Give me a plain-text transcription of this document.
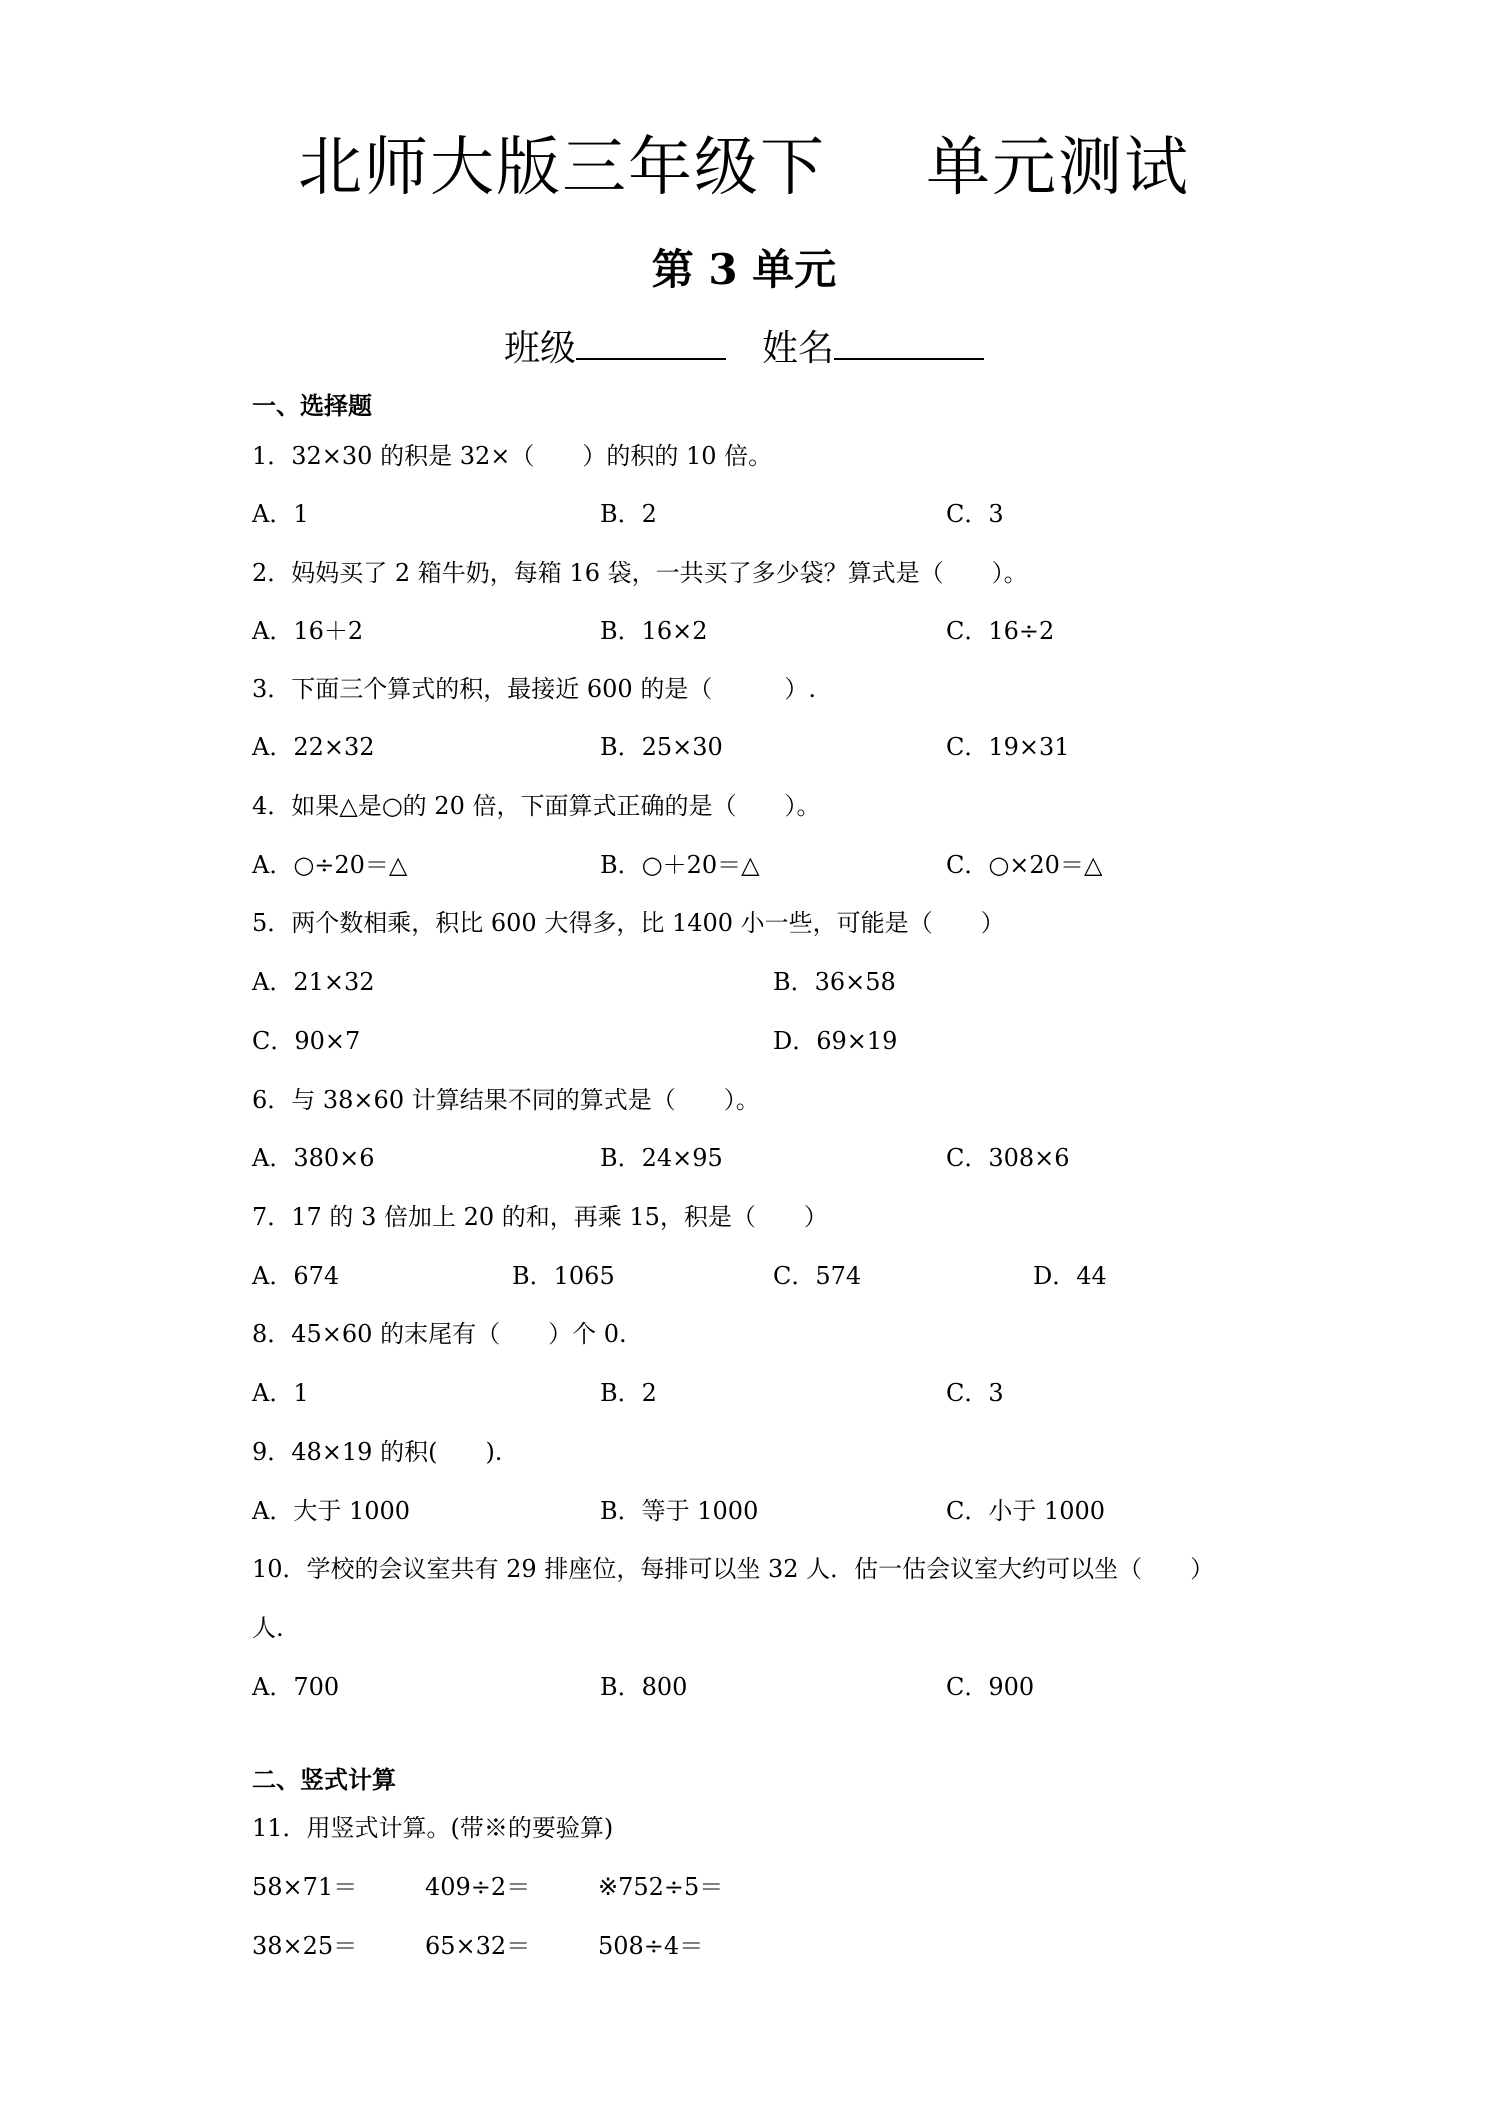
北师大版三年级下 单元测试
第 3 单元
班级	姓名
一、选择题
1．32×30 的积是 32×（　　）的积的 10 倍。
A．1	B．2	C．3
2．妈妈买了 2 箱牛奶，每箱 16 袋，一共买了多少袋？算式是（　　）。
A．16＋2	B．16×2	C．16÷2
3．下面三个算式的积，最接近 600 的是（　　　）.
A．22×32	B．25×30	C．19×31
4．如果△是○的 20 倍，下面算式正确的是（　　）。
A．○÷20＝△	B．○＋20＝△	C．○×20＝△
5．两个数相乘，积比 600 大得多，比 1400 小一些，可能是（　　）
A．21×32	B．36×58
C．90×7	D．69×19
6．与 38×60 计算结果不同的算式是（　　）。
A．380×6	B．24×95	C．308×6
7．17 的 3 倍加上 20 的和，再乘 15，积是（　　）
A．674	B．1065	C．574	D．44
8．45×60 的末尾有（　　）个 0.
A．1	B．2	C．3
9．48×19 的积(　　).
A．大于 1000	B．等于 1000	C．小于 1000
10．学校的会议室共有 29 排座位，每排可以坐 32 人．估一估会议室大约可以坐（　　）
人.
A．700	B．800	C．900
二、竖式计算
11．用竖式计算。(带※的要验算)
58×71＝	409÷2＝	※752÷5＝
38×25＝	65×32＝	508÷4＝
